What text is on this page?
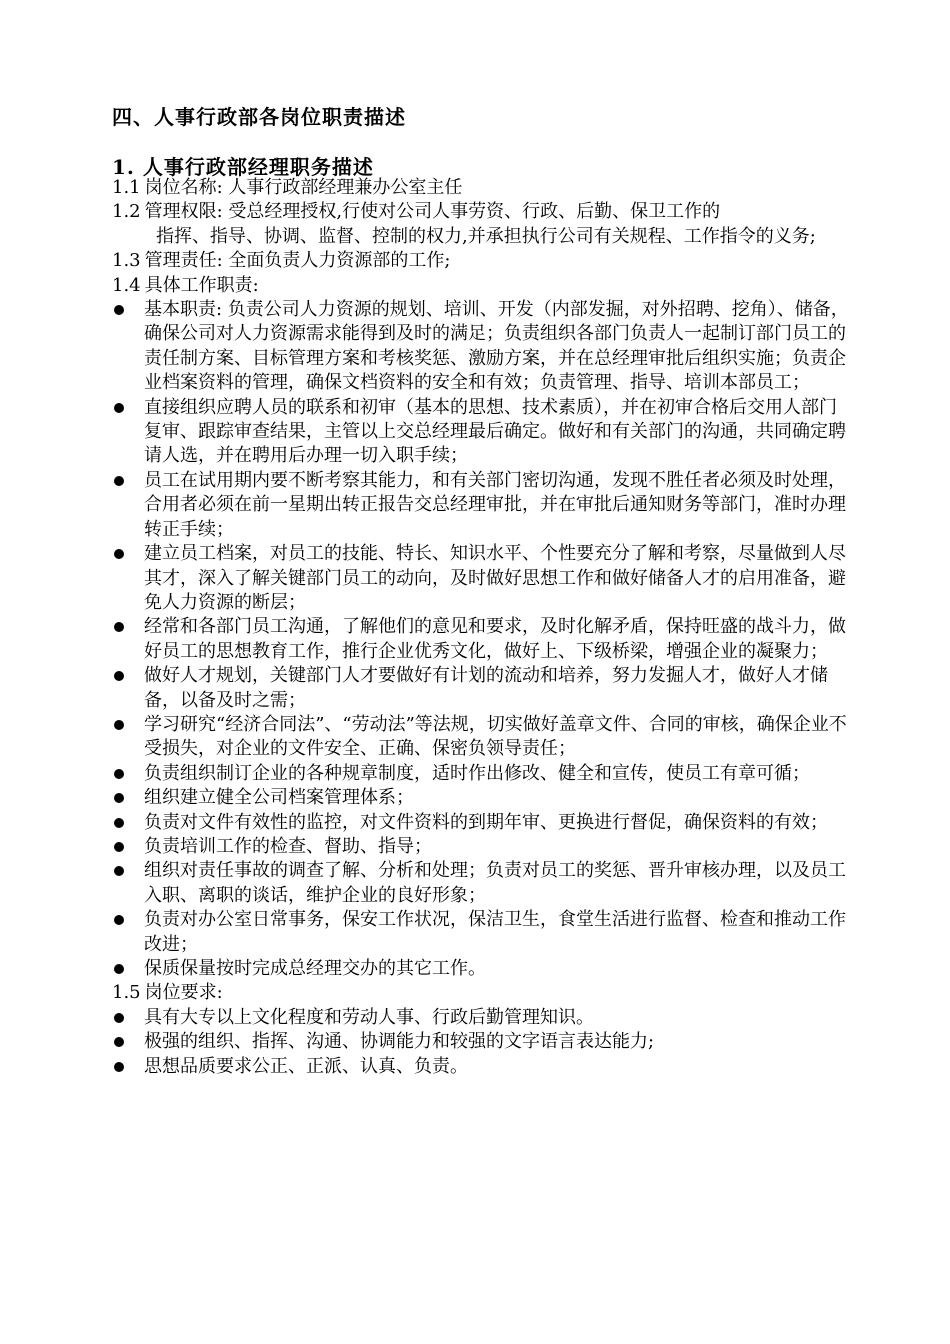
四、人事行政部各岗位职责描述
1. 人事行政部经理职务描述
1.1 岗位名称: 人事行政部经理兼办公室主任
1.2 管理权限: 受总经理授权,行使对公司人事劳资、行政、后勤、保卫工作的
指挥、指导、协调、监督、控制的权力,并承担执行公司有关规程、工作指令的义务;
1.3 管理责任: 全面负责人力资源部的工作;
1.4 具体工作职责:
基本职责: 负责公司人力资源的规划、培训、开发（内部发掘，对外招聘、挖角）、储备，确保公司对人力资源需求能得到及时的满足；负责组织各部门负责人一起制订部门员工的责任制方案、目标管理方案和考核奖惩、激励方案，并在总经理审批后组织实施；负责企业档案资料的管理，确保文档资料的安全和有效；负责管理、指导、培训本部员工；
直接组织应聘人员的联系和初审（基本的思想、技术素质），并在初审合格后交用人部门复审、跟踪审查结果，主管以上交总经理最后确定。做好和有关部门的沟通，共同确定聘请人选，并在聘用后办理一切入职手续；
员工在试用期内要不断考察其能力，和有关部门密切沟通，发现不胜任者必须及时处理，合用者必须在前一星期出转正报告交总经理审批，并在审批后通知财务等部门，准时办理转正手续；
建立员工档案，对员工的技能、特长、知识水平、个性要充分了解和考察，尽量做到人尽其才，深入了解关键部门员工的动向，及时做好思想工作和做好储备人才的启用准备，避免人力资源的断层；
经常和各部门员工沟通，了解他们的意见和要求，及时化解矛盾，保持旺盛的战斗力，做好员工的思想教育工作，推行企业优秀文化，做好上、下级桥梁，增强企业的凝聚力；
做好人才规划，关键部门人才要做好有计划的流动和培养，努力发掘人才，做好人才储备，以备及时之需；
学习研究“经济合同法”、“劳动法”等法规，切实做好盖章文件、合同的审核，确保企业不受损失，对企业的文件安全、正确、保密负领导责任；
负责组织制订企业的各种规章制度，适时作出修改、健全和宣传，使员工有章可循；
组织建立健全公司档案管理体系；
负责对文件有效性的监控，对文件资料的到期年审、更换进行督促，确保资料的有效；
负责培训工作的检查、督助、指导；
组织对责任事故的调查了解、分析和处理；负责对员工的奖惩、晋升审核办理，以及员工入职、离职的谈话，维护企业的良好形象；
负责对办公室日常事务，保安工作状况，保洁卫生，食堂生活进行监督、检查和推动工作改进；
保质保量按时完成总经理交办的其它工作。
1.5 岗位要求:
具有大专以上文化程度和劳动人事、行政后勤管理知识。
极强的组织、指挥、沟通、协调能力和较强的文字语言表达能力;
思想品质要求公正、正派、认真、负责。
